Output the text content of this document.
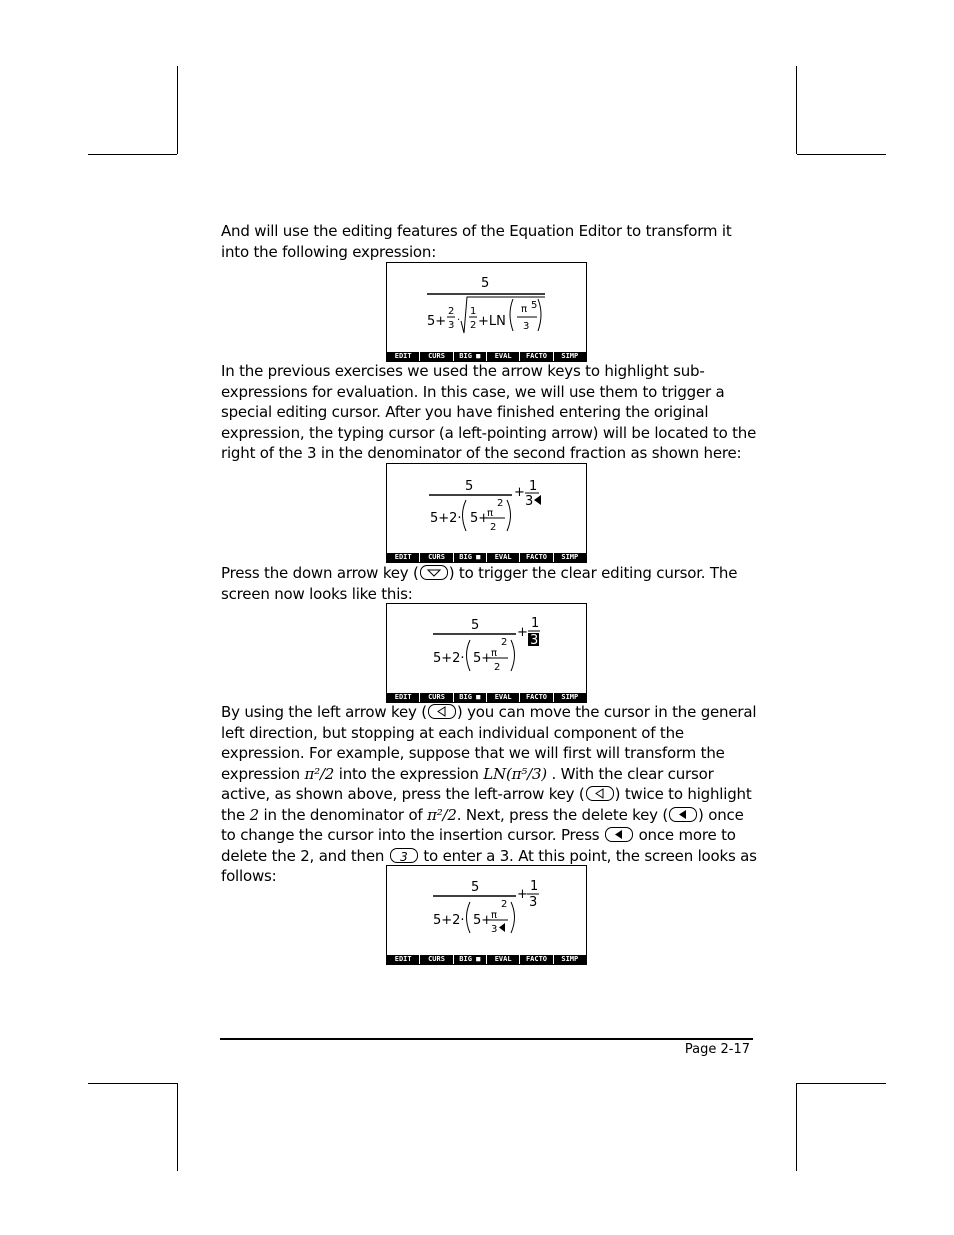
And will use the editing features of the Equation Editor to transform it into the following expression:

5
5+
2
3 ·
1
2 +LN
π 5
3
EDIT	CURS	BIG ■	EVAL	FACTO	SIMP

In the previous exercises we used the arrow keys to highlight sub-expressions for evaluation. In this case, we will use them to trigger a special editing cursor. After you have finished entering the original expression, the typing cursor (a left-pointing arrow) will be located to the right of the 3 in the denominator of the second fraction as shown here:

5
5+2· 5+
π
2
2
+ 1
3
EDIT	CURS	BIG ■	EVAL	FACTO	SIMP

Press the down arrow key ( ) to trigger the clear editing cursor. The screen now looks like this:

5
5+2· 5+
π
2
2
+
1
3
EDIT	CURS	BIG ■	EVAL	FACTO	SIMP

By using the left arrow key ( ) you can move the cursor in the general left direction, but stopping at each individual component of the expression. For example, suppose that we will first will transform the expression π²/2 into the expression LN(π⁵/3) . With the clear cursor active, as shown above, press the left-arrow key ( ) twice to highlight the 2 in the denominator of π²/2. Next, press the delete key ( ) once to change the cursor into the insertion cursor. Press
once more to delete the 2, and then 3 to enter a 3. At this point, the screen looks as follows:

5
5+2· 5+
π
2
3
+
1
3
EDIT	CURS	BIG ■	EVAL	FACTO	SIMP
Page 2-17
